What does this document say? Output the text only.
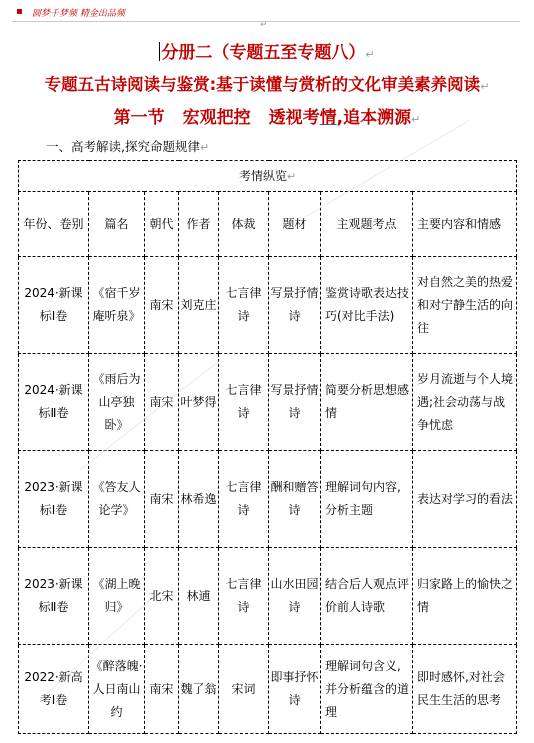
▪ 圆梦千梦频 精金出品频
↵
分册二（专题五至专题八）↵
专题五古诗阅读与鉴赏:基于读懂与赏析的文化审美素养阅读↵
第一节 宏观把控 透视考情,追本溯源↵
一、高考解读,探究命题规律↵
考情纵览↵							
年份、卷别	篇名	朝代	作者	体裁	题材	主观题考点	主要内容和情感
2024·新课标Ⅰ卷	《宿千岁庵听泉》	南宋	刘克庄	七言律诗	写景抒情诗	鉴赏诗歌表达技巧(对比手法)	对自然之美的热爱和对宁静生活的向往
2024·新课标Ⅱ卷	《雨后为山亭独卧》	南宋	叶梦得	七言律诗	写景抒情诗	简要分析思想感情	岁月流逝与个人境遇;社会动荡与战争忧虑
2023·新课标Ⅰ卷	《答友人论学》	南宋	林希逸	七言律诗	酬和赠答诗	理解词句内容,分析主题	表达对学习的看法
2023·新课标Ⅱ卷	《湖上晚归》	北宋	林逋	七言律诗	山水田园诗	结合后人观点评价前人诗歌	归家路上的愉快之情
2022·新高考Ⅰ卷	《醉落魄·人日南山约	南宋	魏了翁	宋词	即事抒怀诗	理解词句含义,并分析蕴含的道理	即时感怀,对社会民生生活的思考
